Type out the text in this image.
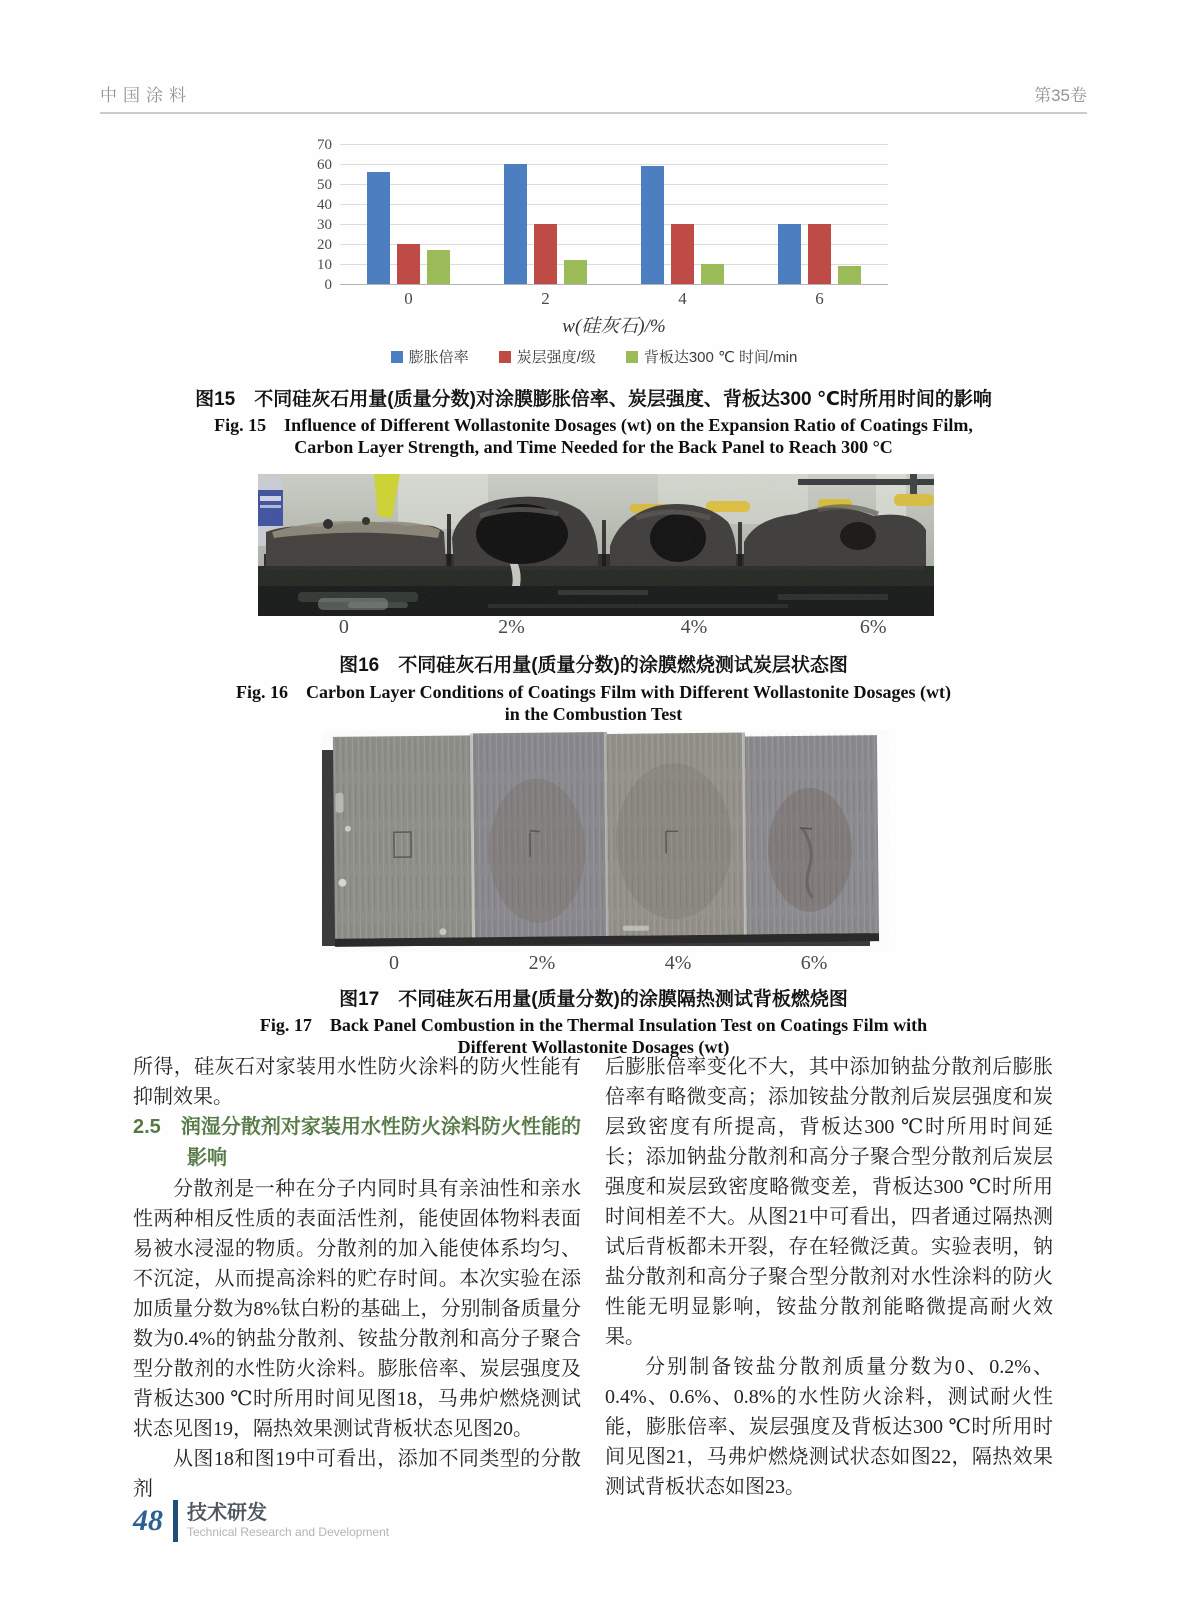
中国涂料	第35卷
0
10
20
30
40
50
60
70
0	2	4	6
w(硅灰石)/%
膨胀倍率	炭层强度/级	背板达300 ℃ 时间/min
图15　不同硅灰石用量(质量分数)对涂膜膨胀倍率、炭层强度、背板达300 ℃时所用时间的影响
Fig. 15　Influence of Different Wollastonite Dosages (wt) on the Expansion Ratio of Coatings Film,
Carbon Layer Strength, and Time Needed for the Back Panel to Reach 300 °C
0	2%	4%	6%
图16　不同硅灰石用量(质量分数)的涂膜燃烧测试炭层状态图
Fig. 16　Carbon Layer Conditions of Coatings Film with Different Wollastonite Dosages (wt)
in the Combustion Test
0	2%	4%	6%
图17　不同硅灰石用量(质量分数)的涂膜隔热测试背板燃烧图
Fig. 17　Back Panel Combustion in the Thermal Insulation Test on Coatings Film with
Different Wollastonite Dosages (wt)

所得，硅灰石对家装用水性防火涂料的防火性能有抑制效果。

2.5 润湿分散剂对家装用水性防火涂料防火性能的影响

分散剂是一种在分子内同时具有亲油性和亲水性两种相反性质的表面活性剂，能使固体物料表面易被水浸湿的物质。分散剂的加入能使体系均匀、不沉淀，从而提高涂料的贮存时间。本次实验在添加质量分数为8%钛白粉的基础上，分别制备质量分数为0.4%的钠盐分散剂、铵盐分散剂和高分子聚合型分散剂的水性防火涂料。膨胀倍率、炭层强度及背板达300 ℃时所用时间见图18，马弗炉燃烧测试状态见图19，隔热效果测试背板状态见图20。

从图18和图19中可看出，添加不同类型的分散剂

后膨胀倍率变化不大，其中添加钠盐分散剂后膨胀倍率有略微变高；添加铵盐分散剂后炭层强度和炭层致密度有所提高，背板达300 ℃时所用时间延长；添加钠盐分散剂和高分子聚合型分散剂后炭层强度和炭层致密度略微变差，背板达300 ℃时所用时间相差不大。从图21中可看出，四者通过隔热测试后背板都未开裂，存在轻微泛黄。实验表明，钠盐分散剂和高分子聚合型分散剂对水性涂料的防火性能无明显影响，铵盐分散剂能略微提高耐火效果。

分别制备铵盐分散剂质量分数为0、0.2%、0.4%、0.6%、0.8%的水性防火涂料，测试耐火性能，膨胀倍率、炭层强度及背板达300 ℃时所用时间见图21，马弗炉燃烧测试状态如图22，隔热效果测试背板状态如图23。

48 技术研发
Technical Research and Development
